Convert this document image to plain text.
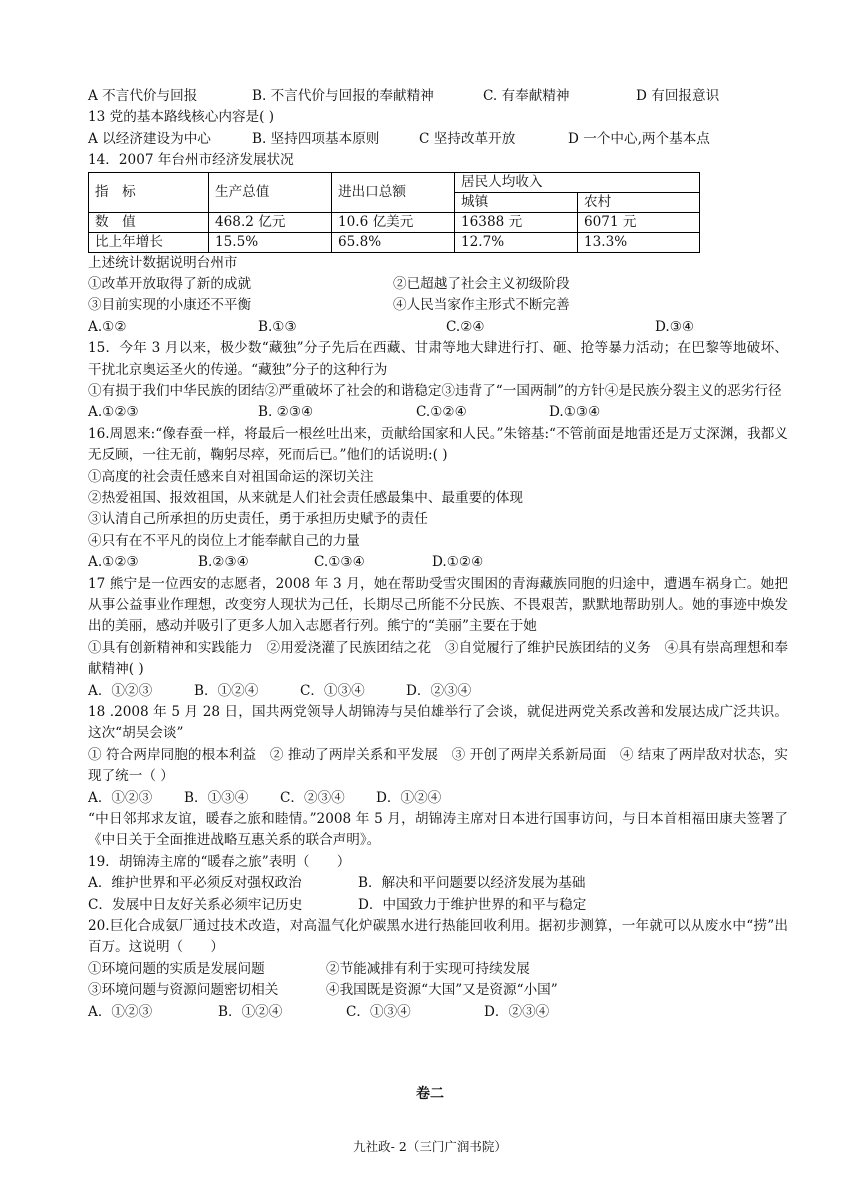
A 不言代价与回报	B. 不言代价与回报的奉献精神	C. 有奉献精神	D 有回报意识
13 党的基本路线核心内容是( )
A 以经济建设为中心	B. 坚持四项基本原则	C 坚持改革开放	D 一个中心,两个基本点
14．2007 年台州市经济发展状况
指　标	生产总值	进出口总额	居民人均收入	
			城镇	农村
数　值	468.2 亿元	10.6 亿美元	16388 元	6071 元
比上年增长	15.5%	65.8%	12.7%	13.3%
上述统计数据说明台州市
①改革开放取得了新的成就	②已超越了社会主义初级阶段
③目前实现的小康还不平衡	④人民当家作主形式不断完善
A.①②	B.①③	C.②④	D.③④
15．今年 3 月以来，极少数“藏独”分子先后在西藏、甘肃等地大肆进行打、砸、抢等暴力活动；在巴黎等地破坏、干扰北京奥运圣火的传递。“藏独”分子的这种行为
①有损于我们中华民族的团结②严重破坏了社会的和谐稳定③违背了“一国两制”的方针④是民族分裂主义的恶劣行径
A.①②③	B. ②③④	C.①②④	D.①③④
16.周恩来:“像春蚕一样，将最后一根丝吐出来，贡献给国家和人民。”朱镕基:“不管前面是地雷还是万丈深渊，我都义无反顾，一往无前，鞠躬尽瘁，死而后已。”他们的话说明:( )
①高度的社会责任感来自对祖国命运的深切关注
②热爱祖国、报效祖国，从来就是人们社会责任感最集中、最重要的体现
③认清自己所承担的历史责任，勇于承担历史赋予的责任
④只有在不平凡的岗位上才能奉献自己的力量
A.①②③	B.②③④	C.①③④	D.①②④
17 熊宁是一位西安的志愿者，2008 年 3 月，她在帮助受雪灾围困的青海藏族同胞的归途中，遭遇车祸身亡。她把从事公益事业作理想，改变穷人现状为己任，长期尽己所能不分民族、不畏艰苦，默默地帮助别人。她的事迹中焕发出的美丽，感动并吸引了更多人加入志愿者行列。熊宁的“美丽”主要在于她
①具有创新精神和实践能力　②用爱浇灌了民族团结之花　③自觉履行了维护民族团结的义务　④具有崇高理想和奉献精神( )
A．①②③	B．①②④	C．①③④	D．②③④
18 .2008 年 5 月 28 日，国共两党领导人胡锦涛与吴伯雄举行了会谈，就促进两党关系改善和发展达成广泛共识。这次“胡吴会谈”
① 符合两岸同胞的根本利益　② 推动了两岸关系和平发展　③ 开创了两岸关系新局面　④ 结束了两岸敌对状态，实现了统一（ ）
A．①②③	B．①③④	C．②③④	D．①②④
“中日邻邦求友谊，暖春之旅和睦情。”2008 年 5 月，胡锦涛主席对日本进行国事访问，与日本首相福田康夫签署了《中日关于全面推进战略互惠关系的联合声明》。
19．胡锦涛主席的“暖春之旅”表明（　　）
A．维护世界和平必须反对强权政治	B．解决和平问题要以经济发展为基础
C．发展中日友好关系必须牢记历史	D．中国致力于维护世界的和平与稳定
20.巨化合成氨厂通过技术改造，对高温气化炉碳黑水进行热能回收利用。据初步测算，一年就可以从废水中“捞”出百万。这说明（　　）
①环境问题的实质是发展问题	②节能减排有利于实现可持续发展
③环境问题与资源问题密切相关	④我国既是资源“大国”又是资源“小国”
A．①②③	B．①②④	C．①③④	D．②③④
卷二
九社政- 2（三门广润书院）
